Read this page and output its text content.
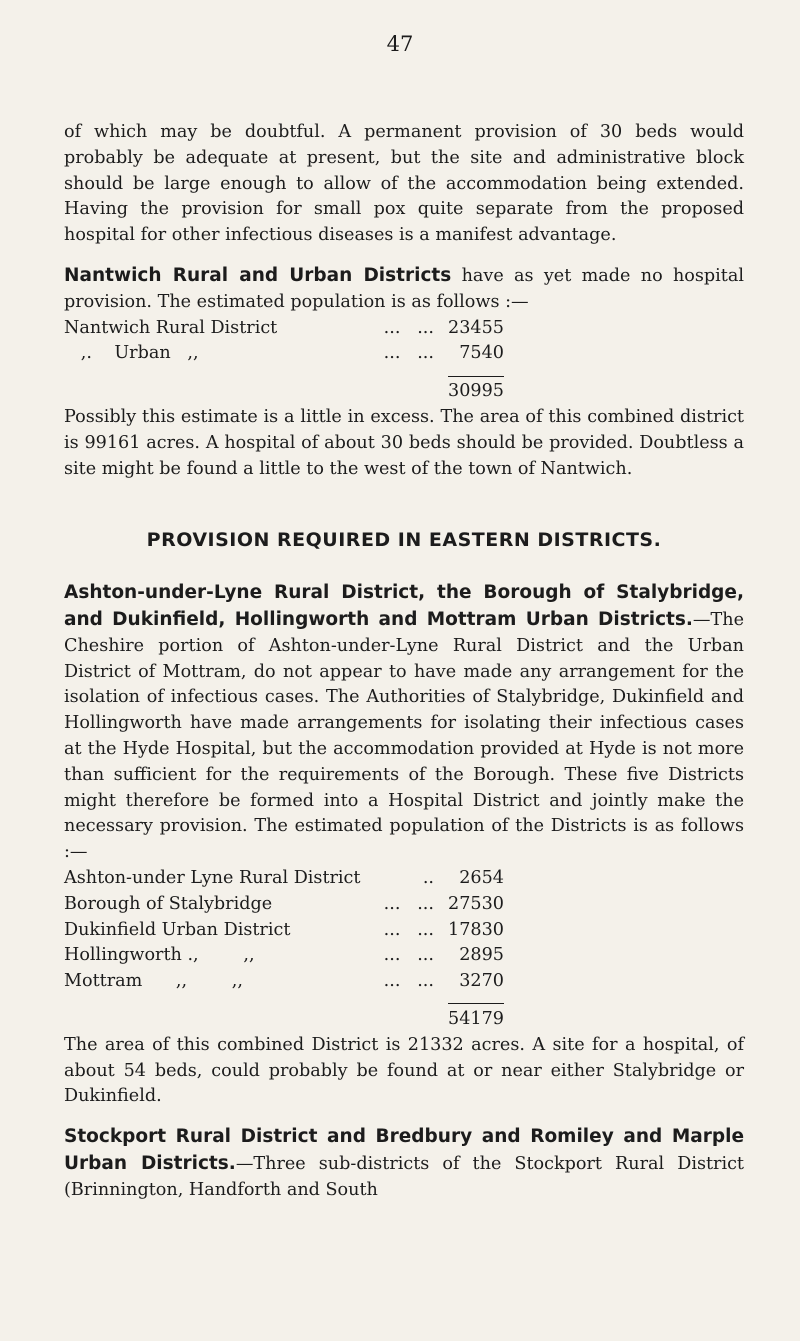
47

of which may be doubtful. A permanent provision of 30 beds would probably be adequate at present, but the site and administrative block should be large enough to allow of the accommodation being extended. Having the provision for small pox quite separate from the proposed hospital for other infectious diseases is a manifest advantage.

Nantwich Rural and Urban Districts have as yet made no hospital provision. The estimated population is as follows :—

Nantwich Rural District	...   ...	23455
,.    Urban   ,,	...   ...	7540

		30995

Possibly this estimate is a little in excess. The area of this combined district is 99161 acres. A hospital of about 30 beds should be provided. Doubtless a site might be found a little to the west of the town of Nantwich.

PROVISION REQUIRED IN EASTERN DISTRICTS.

Ashton-under-Lyne Rural District, the Borough of Stalybridge, and Dukinfield, Hollingworth and Mottram Urban Districts.—The Cheshire portion of Ashton-under-Lyne Rural District and the Urban District of Mottram, do not appear to have made any arrangement for the isolation of infectious cases. The Authorities of Stalybridge, Dukinfield and Hollingworth have made arrangements for isolating their infectious cases at the Hyde Hospital, but the accommodation provided at Hyde is not more than sufficient for the requirements of the Borough. These five Districts might therefore be formed into a Hospital District and jointly make the necessary provision. The estimated population of the Districts is as follows :—

Ashton-under Lyne Rural District	..	2654
Borough of Stalybridge	...   ...	27530
Dukinfield Urban District	...   ...	17830
Hollingworth .,        ,,	...   ...	2895
Mottram      ,,        ,,	...   ...	3270

		54179

The area of this combined District is 21332 acres. A site for a hospital, of about 54 beds, could probably be found at or near either Stalybridge or Dukinfield.

Stockport Rural District and Bredbury and Romiley and Marple Urban Districts.—Three sub-districts of the Stockport Rural District (Brinnington, Handforth and South
